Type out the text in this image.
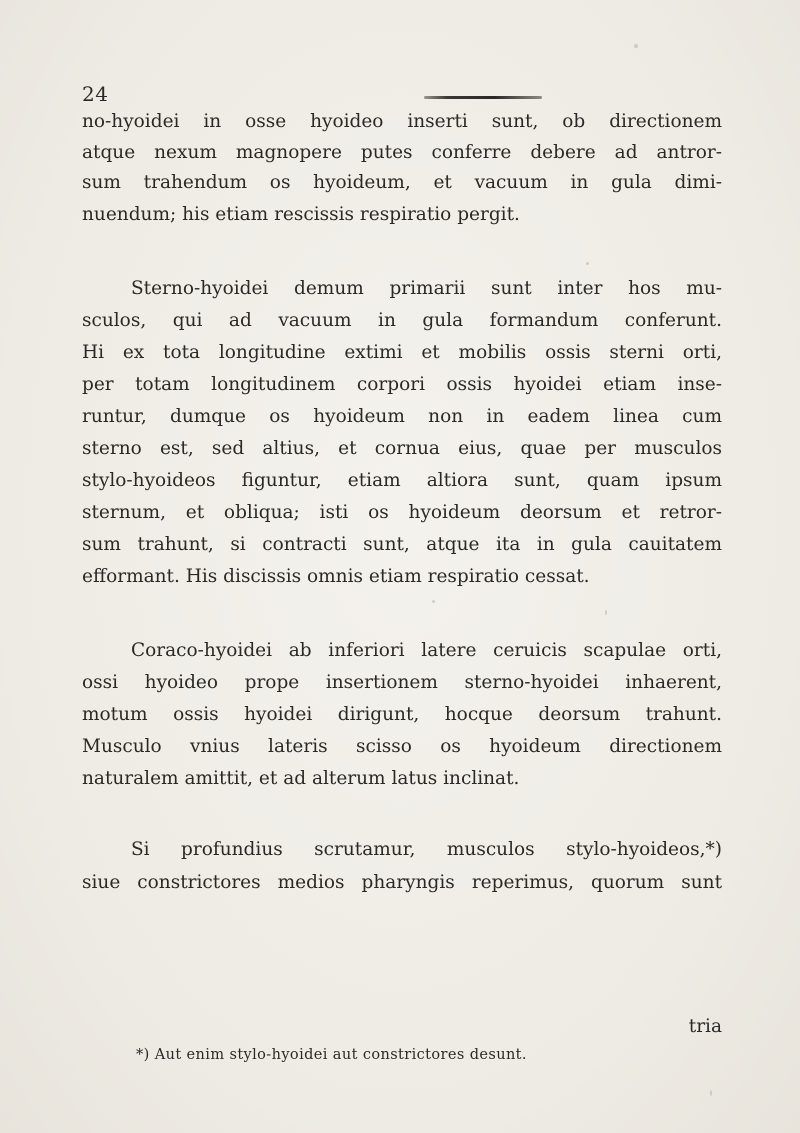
24
no-hyoidei in osse hyoideo inserti sunt, ob directionem
atque nexum magnopere putes conferre debere ad antror-
sum trahendum os hyoideum, et vacuum in gula dimi-
nuendum; his etiam rescissis respiratio pergit.
Sterno-hyoidei demum primarii sunt inter hos mu-
sculos, qui ad vacuum in gula formandum conferunt.
Hi ex tota longitudine extimi et mobilis ossis sterni orti,
per totam longitudinem corpori ossis hyoidei etiam inse-
runtur, dumque os hyoideum non in eadem linea cum
sterno est, sed altius, et cornua eius, quae per musculos
stylo-hyoideos figuntur, etiam altiora sunt, quam ipsum
sternum, et obliqua; isti os hyoideum deorsum et retror-
sum trahunt, si contracti sunt, atque ita in gula cauitatem
efformant. His discissis omnis etiam respiratio cessat.
Coraco-hyoidei ab inferiori latere ceruicis scapulae orti,
ossi hyoideo prope insertionem sterno-hyoidei inhaerent,
motum ossis hyoidei dirigunt, hocque deorsum trahunt.
Musculo vnius lateris scisso os hyoideum directionem
naturalem amittit, et ad alterum latus inclinat.
Si profundius scrutamur, musculos stylo-hyoideos,*)
siue constrictores medios pharyngis reperimus, quorum sunt
tria
*) Aut enim stylo-hyoidei aut constrictores desunt.
